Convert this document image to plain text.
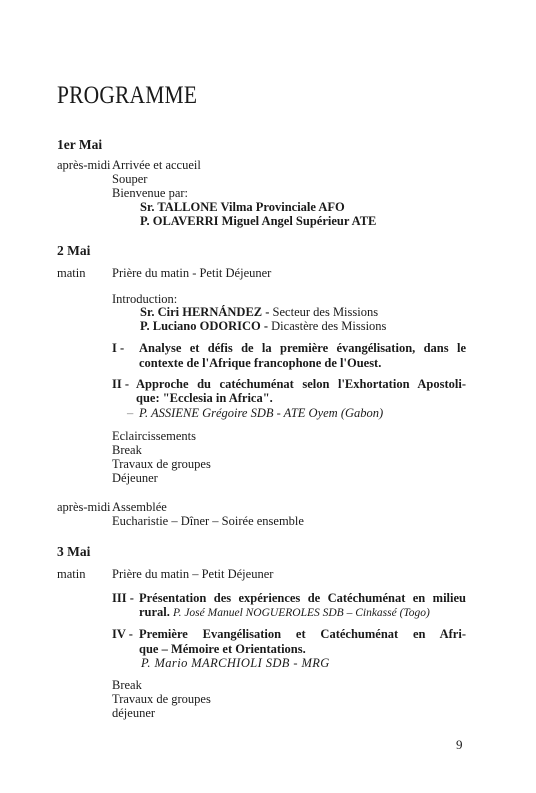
PROGRAMME
1er Mai
après-midi Arrivée et accueil
Souper
Bienvenue par:
Sr. TALLONE Vilma Provinciale AFO
P. OLAVERRI Miguel Angel Supérieur ATE
2 Mai
matin Prière du matin - Petit Déjeuner
Introduction:
Sr. Ciri HERNÁNDEZ - Secteur des Missions
P. Luciano ODORICO - Dicastère des Missions
I - Analyse et défis de la première évangélisation, dans le
contexte de l'Afrique francophone de l'Ouest.
II - Approche du catéchuménat selon l'Exhortation Apostoli-
que: "Ecclesia in Africa".
– P. ASSIENE Grégoire SDB - ATE Oyem (Gabon)
Eclaircissements
Break
Travaux de groupes
Déjeuner
après-midi Assemblée
Eucharistie – Dîner – Soirée ensemble
3 Mai
matin Prière du matin – Petit Déjeuner
III - Présentation des expériences de Catéchuménat en milieu
rural. P. José Manuel NOGUEROLES SDB – Cinkassé (Togo)
IV - Première Evangélisation et Catéchuménat en Afri-
que – Mémoire et Orientations.
P. Mario MARCHIOLI SDB - MRG
Break
Travaux de groupes
déjeuner
9
